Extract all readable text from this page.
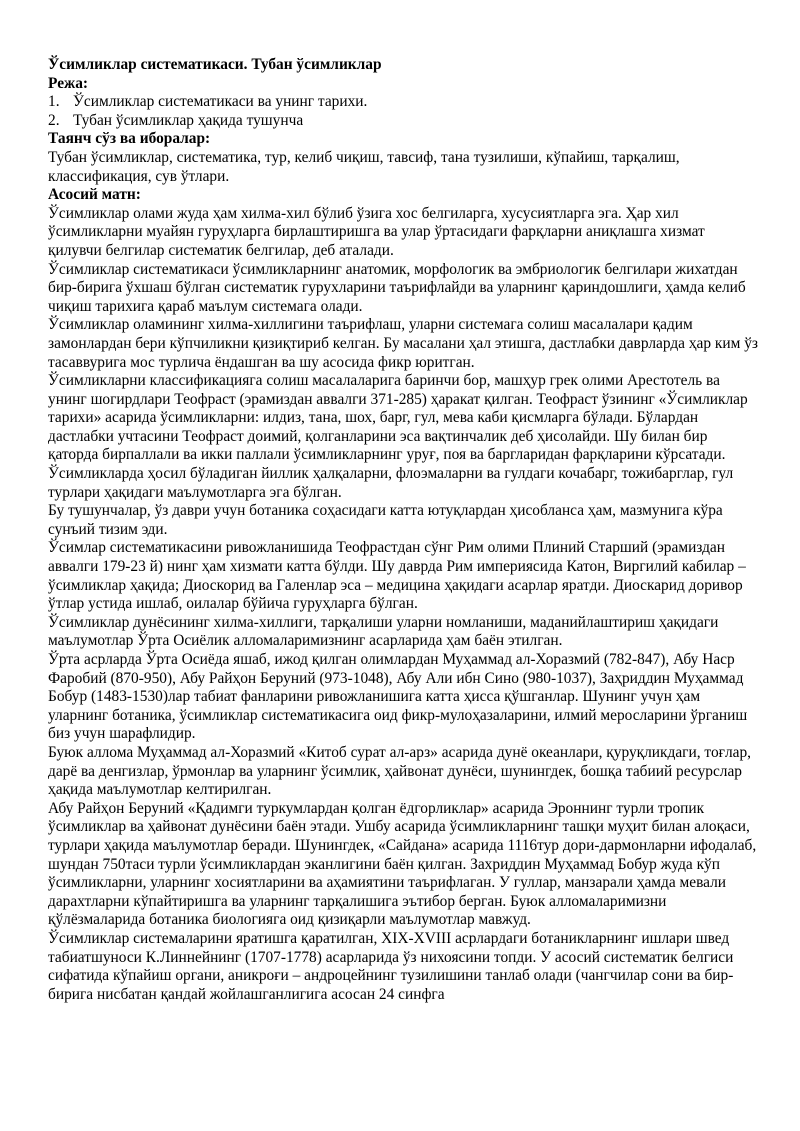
Ўсимликлар систематикаси. Тубан ўсимликлар
Режа:
1. Ўсимликлар систематикаси ва унинг тарихи.
2. Тубан ўсимликлар ҳақида тушунча
Таянч сўз ва иборалар:

Тубан ўсимликлар, систематика, тур, келиб чиқиш, тавсиф, тана тузилиши, кўпайиш, тарқалиш, классификация, сув ўтлари.

Асосий матн:

Ўсимликлар олами жуда ҳам хилма-хил бўлиб ўзига хос белгиларга, хусусиятларга эга. Ҳар хил ўсимликларни муайян гуруҳларга бирлаштиришга ва улар ўртасидаги фарқларни аниқлашга хизмат қилувчи белгилар систематик белгилар, деб аталади.

Ўсимликлар систематикаси ўсимликларнинг анатомик, морфологик ва эмбриологик белгилари жихатдан бир-бирига ўхшаш бўлган систематик гурухларини таърифлайди ва уларнинг қариндошлиги, ҳамда келиб чиқиш тарихига қараб маълум системага олади.

Ўсимликлар оламининг хилма-хиллигини таърифлаш, уларни системага солиш масалалари қадим замонлардан бери кўпчиликни қизиқтириб келган. Бу масалани ҳал этишга, дастлабки даврларда ҳар ким ўз тасаввурига мос турлича ёндашган ва шу асосида фикр юритган.

Ўсимликларни классификацияга солиш масалаларига баринчи бор, машҳур грек олими Арестотель ва унинг шогирдлари Теофраст (эрамиздан аввалги 371-285) ҳаракат қилган. Теофраст ўзининг «Ўсимликлар тарихи» асарида ўсимликларни: илдиз, тана, шох, барг, гул, мева каби қисмларга бўлади. Бўлардан дастлабки учтасини Теофраст доимий, қолганларини эса вақтинчалик деб ҳисолайди. Шу билан бир қаторда бирпаллали ва икки паллали ўсимликларнинг уруғ, поя ва баргларидан фарқларини кўрсатади. Ўсимликларда ҳосил бўладиган йиллик ҳалқаларни, флоэмаларни ва гулдаги кочабарг, тожибарглар, гул турлари ҳақидаги маълумотларга эга бўлган.

Бу тушунчалар, ўз даври учун ботаника соҳасидаги катта ютуқлардан ҳисобланса ҳам, мазмунига кўра сунъий тизим эди.

Ўсимлар систематикасини ривожланишида Теофрастдан сўнг Рим олими Плиний Старший (эрамиздан аввалги 179-23 й) нинг ҳам хизмати катта бўлди. Шу даврда Рим империясида Катон, Виргилий кабилар – ўсимликлар ҳақида; Диоскорид ва Галенлар эса – медицина ҳақидаги асарлар яратди. Диоскарид доривор ўтлар устида ишлаб, оилалар бўйича гуруҳларга бўлган.

Ўсимликлар дунёсининг хилма-хиллиги, тарқалиши уларни номланиши, маданийлаштириш ҳақидаги маълумотлар Ўрта Осиёлик алломаларимизнинг асарларида ҳам баён этилган.

Ўрта асрларда Ўрта Осиёда яшаб, ижод қилган олимлардан Муҳаммад ал-Хоразмий (782-847), Абу Наср Фаробий (870-950), Абу Райҳон Беруний (973-1048), Абу Али ибн Сино (980-1037), Заҳриддин Муҳаммад Бобур (1483-1530)лар табиат фанларини ривожланишига катта ҳисса қўшганлар. Шунинг учун ҳам уларнинг ботаника, ўсимликлар систематикасига оид фикр-мулоҳазаларини, илмий меросларини ўрганиш биз учун шарафлидир.

Буюк аллома Муҳаммад ал-Хоразмий «Китоб сурат ал-арз» асарида дунё океанлари, қуруқликдаги, тоғлар, дарё ва денгизлар, ўрмонлар ва уларнинг ўсимлик, ҳайвонат дунёси, шунингдек, бошқа табиий ресурслар ҳақида маълумотлар келтирилган.

Абу Райҳон Беруний «Қадимги туркумлардан қолган ёдгорликлар» асарида Эроннинг турли тропик ўсимликлар ва ҳайвонат дунёсини баён этади. Ушбу асарида ўсимликларнинг ташқи муҳит билан алоқаси, турлари ҳақида маълумотлар беради. Шунингдек, «Сайдана» асарида 1116тур дори-дармонларни ифодалаб, шундан 750таси турли ўсимликлардан эканлигини баён қилган. Захриддин Муҳаммад Бобур жуда кўп ўсимликларни, уларнинг хосиятларини ва аҳамиятини таърифлаган. У гуллар, манзарали ҳамда мевали дарахтларни кўпайтиришга ва уларнинг тарқалишига эътибор берган. Буюк алломаларимизни қўлёзмаларида ботаника биологияга оид қизиқарли маълумотлар мавжуд.

Ўсимликлар системаларини яратишга қаратилган, XIX-XVIII асрлардаги ботаникларнинг ишлари швед табиатшуноси К.Линнейнинг (1707-1778) асарларида ўз нихоясини топди. У асосий систематик белгиси сифатида кўпайиш органи, аникроғи – андроцейнинг тузилишини танлаб олади (чангчилар сони ва бир-бирига нисбатан қандай жойлашганлигига асосан 24 синфга
